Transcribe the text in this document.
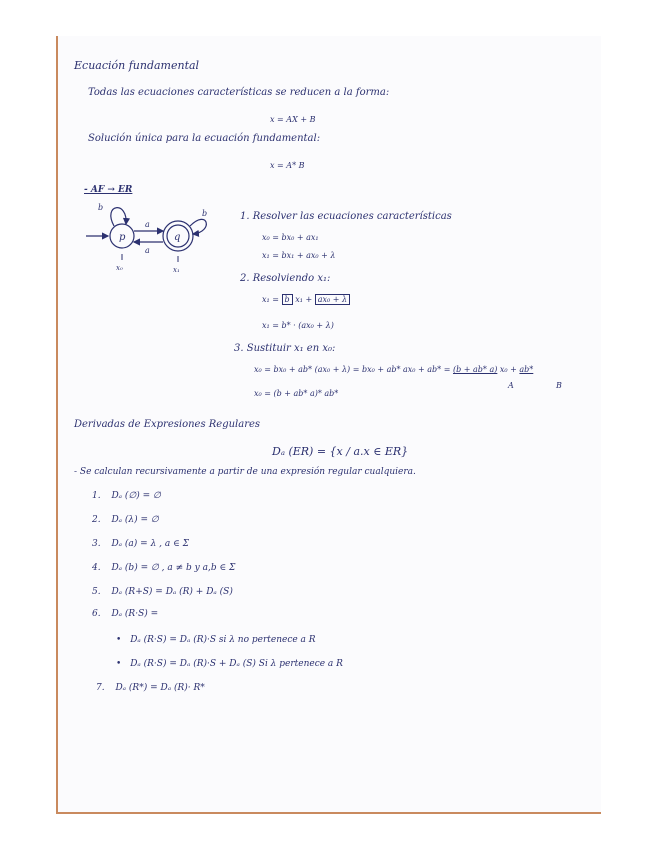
Ecuación fundamental
Todas las ecuaciones características se reducen a la forma:
x = AX + B
Solución única para la ecuación fundamental:
x = A* B
- AF → ER
p	q
a
a
b
b
x₀	x₁
1. Resolver las ecuaciones características
x₀ = bx₀ + ax₁
x₁ = bx₁ + ax₀ + λ
2. Resolviendo x₁:
x₁ = b x₁ + ax₀ + λ
x₁ = b* · (ax₀ + λ)
3. Sustituir x₁ en x₀:
x₀ = bx₀ + ab* (ax₀ + λ) = bx₀ + ab* ax₀ + ab* = (b + ab* a) x₀ + ab*
A	B
x₀ = (b + ab* a)* ab*
Derivadas de Expresiones Regulares
Dₐ (ER) = {x / a.x ∈ ER}
- Se calculan recursivamente a partir de una expresión regular cualquiera.
1. Dₐ (∅) = ∅
2. Dₐ (λ) = ∅
3. Dₐ (a) = λ , a ∈ Σ
4. Dₐ (b) = ∅ , a ≠ b y a,b ∈ Σ
5. Dₐ (R+S) = Dₐ (R) + Dₐ (S)
6. Dₐ (R·S) =
• Dₐ (R·S) = Dₐ (R)·S si λ no pertenece a R
• Dₐ (R·S) = Dₐ (R)·S + Dₐ (S) Si λ pertenece a R
7. Dₐ (R*) = Dₐ (R)· R*
